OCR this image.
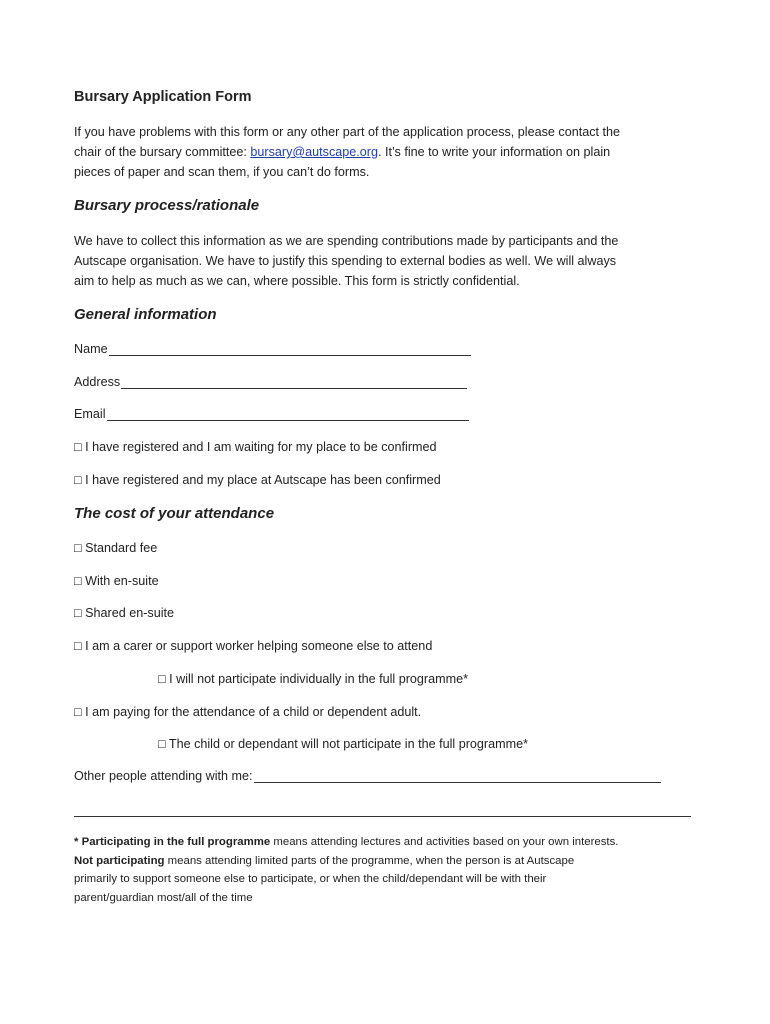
Bursary Application Form
If you have problems with this form or any other part of the application process, please contact the
chair of the bursary committee: bursary@autscape.org. It’s fine to write your information on plain
pieces of paper and scan them, if you can’t do forms.
Bursary process/rationale
We have to collect this information as we are spending contributions made by participants and the
Autscape organisation. We have to justify this spending to external bodies as well. We will always
aim to help as much as we can, where possible. This form is strictly confidential.
General information
Name
Address
Email
□ I have registered and I am waiting for my place to be confirmed
□ I have registered and my place at Autscape has been confirmed
The cost of your attendance
□ Standard fee
□ With en-suite
□ Shared en-suite
□ I am a carer or support worker helping someone else to attend
□ I will not participate individually in the full programme*
□ I am paying for the attendance of a child or dependent adult.
□ The child or dependant will not participate in the full programme*
Other people attending with me:
* Participating in the full programme means attending lectures and activities based on your own interests.
Not participating means attending limited parts of the programme, when the person is at Autscape
primarily to support someone else to participate, or when the child/dependant will be with their
parent/guardian most/all of the time
